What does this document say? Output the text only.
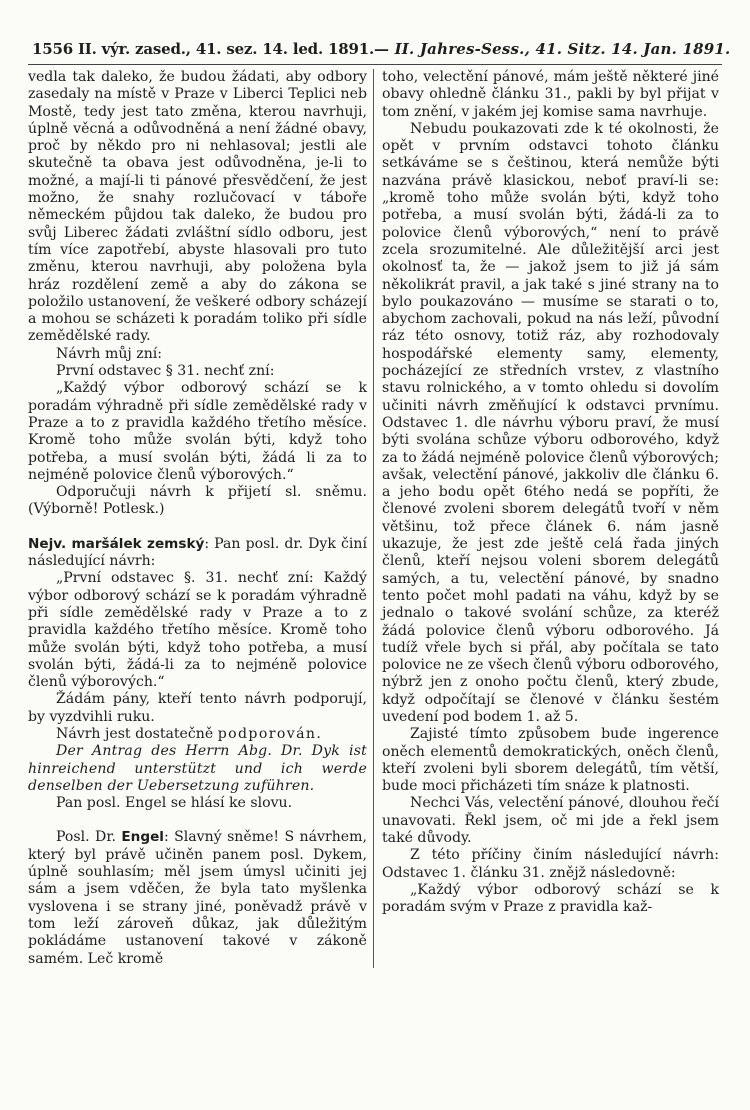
1556 II. výr. zased., 41. sez. 14. led. 1891. — II. Jahres-Sess., 41. Sitz. 14. Jan. 1891.

vedla tak daleko, že budou žádati, aby odbory zasedaly na místě v Praze v Liberci Teplici neb Mostě, tedy jest tato změna, kterou navrhuji, úplně věcná a odůvodněná a není žádné obavy, proč by někdo pro ni nehlasoval; jestli ale skutečně ta obava jest odůvodněna, je-li to možné, a mají-li ti pánové přesvědčení, že jest možno, že snahy rozlučovací v táboře německém půjdou tak daleko, že budou pro svůj Liberec žádati zvláštní sídlo odboru, jest tím více zapotřebí, abyste hlasovali pro tuto změnu, kterou navrhuji, aby položena byla hráz rozdělení země a aby do zákona se položilo ustanovení, že veškeré odbory scházejí a mohou se scházeti k poradám toliko při sídle zemědělské rady.

Návrh můj zní:

První odstavec § 31. nechť zní:

„Každý výbor odborový schází se k poradám výhradně při sídle zemědělské rady v Praze a to z pravidla každého třetího měsíce. Kromě toho může svolán býti, když toho potřeba, a musí svolán býti, žádá li za to nejméně polovice členů výborových.“

Odporučuji návrh k přijetí sl. sněmu. (Výborně! Potlesk.)

Nejv. maršálek zemský: Pan posl. dr. Dyk činí následující návrh:

„První odstavec §. 31. nechť zní: Každý výbor odborový schází se k poradám výhradně při sídle zemědělské rady v Praze a to z pravidla každého třetího měsíce. Kromě toho může svolán býti, když toho potřeba, a musí svolán býti, žádá-li za to nejméně polovice členů výborových.“

Žádám pány, kteří tento návrh podporují, by vyzdvihli ruku.

Návrh jest dostatečně podporován.

Der Antrag des Herrn Abg. Dr. Dyk ist hinreichend unterstützt und ich werde denselben der Uebersetzung zuführen.

Pan posl. Engel se hlásí ke slovu.

Posl. Dr. Engel: Slavný sněme! S návrhem, který byl právě učiněn panem posl. Dykem, úplně souhlasím; měl jsem úmysl učiniti jej sám a jsem vděčen, že byla tato myšlenka vyslovena i se strany jiné, poněvadž právě v tom leží zároveň důkaz, jak důležitým pokládáme ustanovení takové v zákoně samém. Leč kromě

toho, velectění pánové, mám ještě některé jiné obavy ohledně článku 31., pakli by byl přijat v tom znění, v jakém jej komise sama navrhuje.

Nebudu poukazovati zde k té okolnosti, že opět v prvním odstavci tohoto článku setkáváme se s češtinou, která nemůže býti nazvána právě klasickou, neboť praví-li se: „kromě toho může svolán býti, když toho potřeba, a musí svolán býti, žádá-li za to polovice členů výborových,“ není to právě zcela srozumitelné. Ale důležitější arci jest okolnosť ta, že — jakož jsem to již já sám několikrát pravil, a jak také s jiné strany na to bylo poukazováno — musíme se starati o to, abychom zachovali, pokud na nás leží, původní ráz této osnovy, totiž ráz, aby rozhodovaly hospodářské elementy samy, elementy, pocházející ze středních vrstev, z vlastního stavu rolnického, a v tomto ohledu si dovolím učiniti návrh změňující k odstavci prvnímu. Odstavec 1. dle návrhu výboru praví, že musí býti svolána schůze výboru odborového, když za to žádá nejméně polovice členů výborových; avšak, velectění pánové, jakkoliv dle článku 6. a jeho bodu opět 6tého nedá se popříti, že členové zvoleni sborem delegátů tvoří v něm většinu, tož přece článek 6. nám jasně ukazuje, že jest zde ještě celá řada jiných členů, kteří nejsou voleni sborem delegátů samých, a tu, velectění pánové, by snadno tento počet mohl padati na váhu, když by se jednalo o takové svolání schůze, za kteréž žádá polovice členů výboru odborového. Já tudíž vřele bych si přál, aby počítala se tato polovice ne ze všech členů výboru odborového, nýbrž jen z onoho počtu členů, který zbude, když odpočítají se členové v článku šestém uvedení pod bodem 1. až 5.

Zajisté tímto způsobem bude ingerence oněch elementů demokratických, oněch členů, kteří zvoleni byli sborem delegátů, tím větší, bude moci přicházeti tím snáze k platnosti.

Nechci Vás, velectění pánové, dlouhou řečí unavovati. Řekl jsem, oč mi jde a řekl jsem také důvody.

Z této příčiny činím následující návrh: Odstavec 1. článku 31. znějž následovně:

„Každý výbor odborový schází se k poradám svým v Praze z pravidla kaž-
